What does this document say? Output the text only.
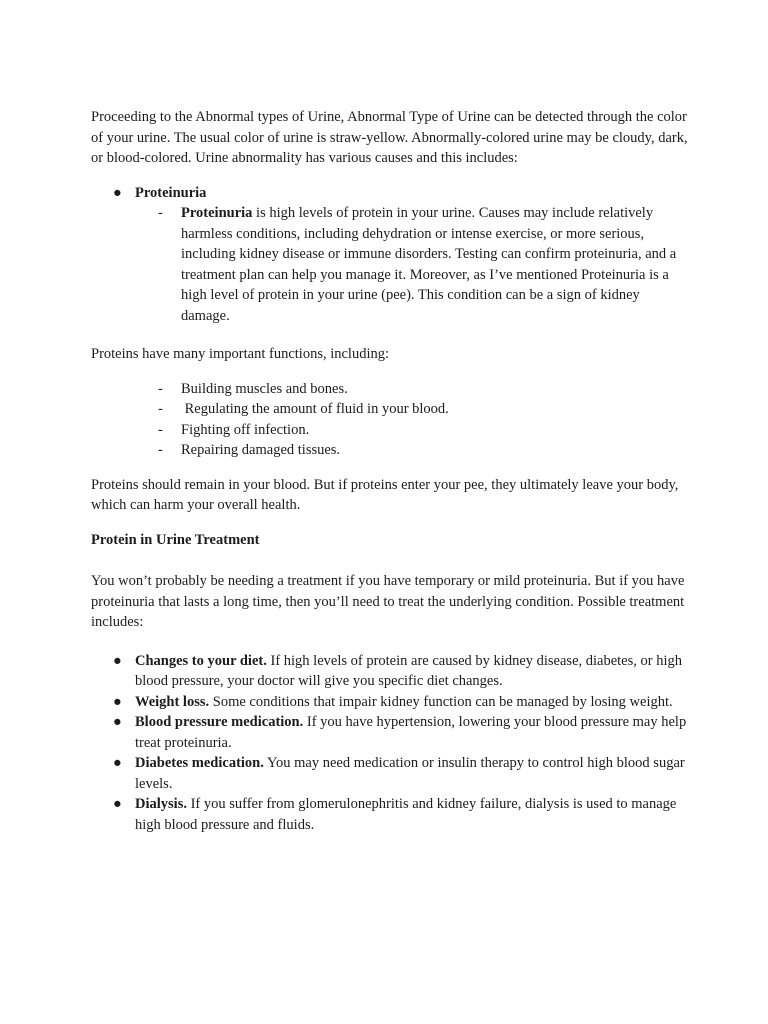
Proceeding to the Abnormal types of Urine, Abnormal Type of Urine can be detected through the color of your urine. The usual color of urine is straw-yellow. Abnormally-colored urine may be cloudy, dark, or blood-colored. Urine abnormality has various causes and this includes:

● Proteinuria
- Proteinuria is high levels of protein in your urine. Causes may include relatively harmless conditions, including dehydration or intense exercise, or more serious, including kidney disease or immune disorders. Testing can confirm proteinuria, and a treatment plan can help you manage it. Moreover, as I’ve mentioned Proteinuria is a high level of protein in your urine (pee). This condition can be a sign of kidney damage.

Proteins have many important functions, including:

- Building muscles and bones.
- Regulating the amount of fluid in your blood.
- Fighting off infection.
- Repairing damaged tissues.

Proteins should remain in your blood. But if proteins enter your pee, they ultimately leave your body, which can harm your overall health.

Protein in Urine Treatment

You won’t probably be needing a treatment if you have temporary or mild proteinuria. But if you have proteinuria that lasts a long time, then you’ll need to treat the underlying condition. Possible treatment includes:

● Changes to your diet. If high levels of protein are caused by kidney disease, diabetes, or high blood pressure, your doctor will give you specific diet changes.
● Weight loss. Some conditions that impair kidney function can be managed by losing weight.
● Blood pressure medication. If you have hypertension, lowering your blood pressure may help treat proteinuria.
● Diabetes medication. You may need medication or insulin therapy to control high blood sugar levels.
● Dialysis. If you suffer from glomerulonephritis and kidney failure, dialysis is used to manage high blood pressure and fluids.
